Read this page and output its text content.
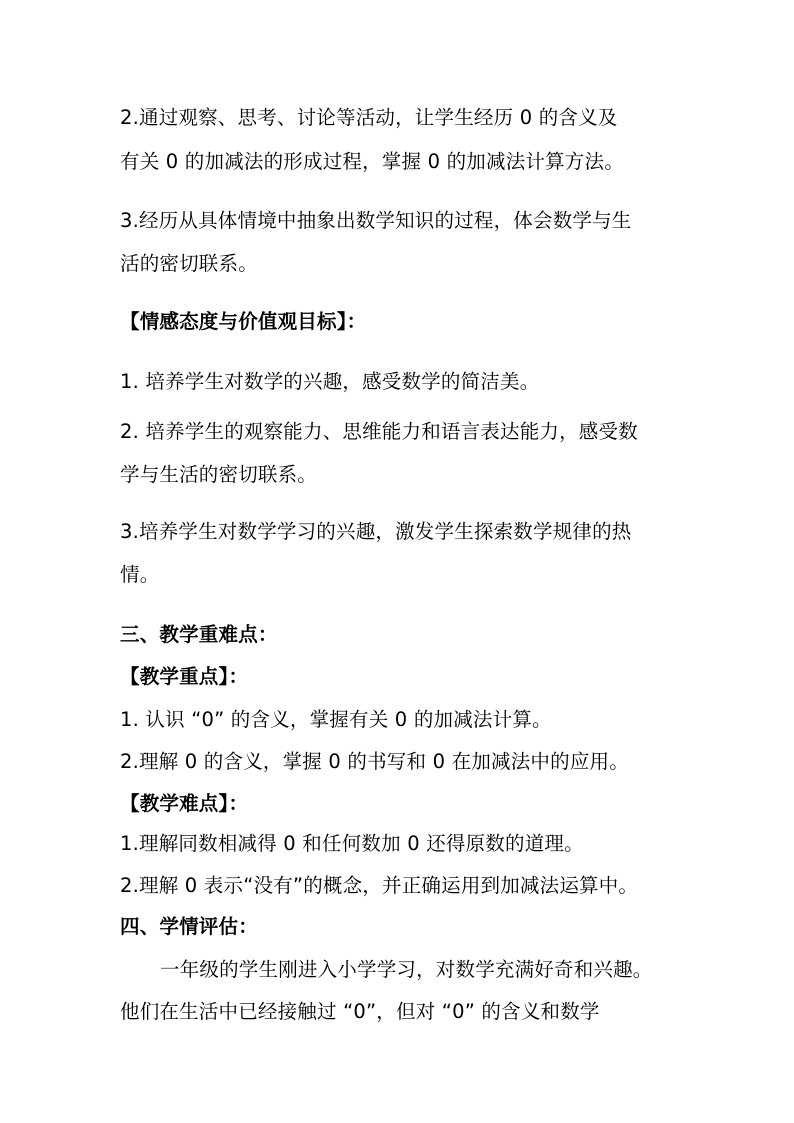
2.通过观察、思考、讨论等活动，让学生经历 0 的含义及
有关 0 的加减法的形成过程，掌握 0 的加减法计算方法。
3.经历从具体情境中抽象出数学知识的过程，体会数学与生
活的密切联系。
【情感态度与价值观目标】：
1. 培养学生对数学的兴趣，感受数学的简洁美。
2. 培养学生的观察能力、思维能力和语言表达能力，感受数
学与生活的密切联系。
3.培养学生对数学学习的兴趣，激发学生探索数学规律的热
情。
三、教学重难点：
【教学重点】：
1. 认识 “0” 的含义，掌握有关 0 的加减法计算。
2.理解 0 的含义，掌握 0 的书写和 0 在加减法中的应用。
【教学难点】：
1.理解同数相减得 0 和任何数加 0 还得原数的道理。
2.理解 0 表示“没有”的概念，并正确运用到加减法运算中。
四、学情评估：
一年级的学生刚进入小学学习，对数学充满好奇和兴趣。
他们在生活中已经接触过 “0”，但对 “0” 的含义和数学
